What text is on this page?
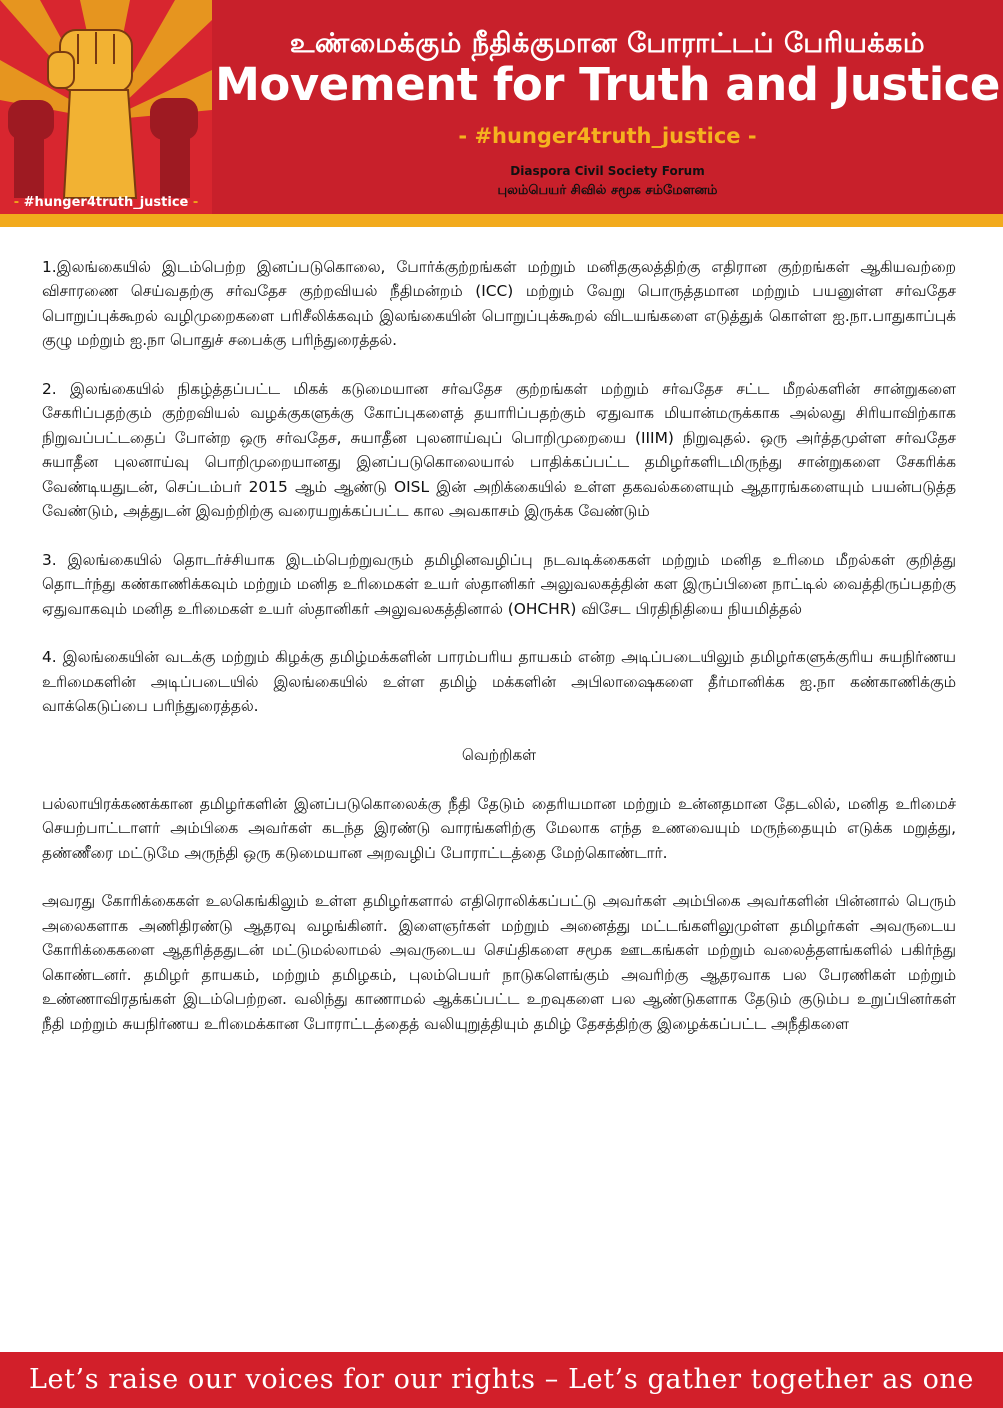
- #hunger4truth_justice -
உண்மைக்கும் நீதிக்குமான போராட்டப் பேரியக்கம்
Movement for Truth and Justice
- #hunger4truth_justice -
Diaspora Civil Society Forum
புலம்பெயர் சிவில் சமூக சம்மேளனம்

1.இலங்கையில் இடம்பெற்ற இனப்படுகொலை, போர்க்குற்றங்கள் மற்றும் மனிதகுலத்திற்கு எதிரான குற்றங்கள் ஆகியவற்றை விசாரணை செய்வதற்கு சர்வதேச குற்றவியல் நீதிமன்றம் (ICC) மற்றும் வேறு பொருத்தமான மற்றும் பயனுள்ள சர்வதேச பொறுப்புக்கூறல் வழிமுறைகளை பரிசீலிக்கவும் இலங்கையின் பொறுப்புக்கூறல் விடயங்களை எடுத்துக் கொள்ள ஐ.நா.பாதுகாப்புக் குழு மற்றும் ஐ.நா பொதுச் சபைக்கு பரிந்துரைத்தல்.

2. இலங்கையில் நிகழ்த்தப்பட்ட மிகக் கடுமையான சர்வதேச குற்றங்கள் மற்றும் சர்வதேச சட்ட மீறல்களின் சான்றுகளை சேகரிப்பதற்கும் குற்றவியல் வழக்குகளுக்கு கோப்புகளைத் தயாரிப்பதற்கும் ஏதுவாக மியான்மருக்காக அல்லது சிரியாவிற்காக நிறுவப்பட்டதைப் போன்ற ஒரு சர்வதேச, சுயாதீன புலனாய்வுப் பொறிமுறையை (IIIM) நிறுவுதல். ஒரு அர்த்தமுள்ள சர்வதேச சுயாதீன புலனாய்வு பொறிமுறையானது இனப்படுகொலையால் பாதிக்கப்பட்ட தமிழர்களிடமிருந்து சான்றுகளை சேகரிக்க வேண்டியதுடன், செப்டம்பர் 2015 ஆம் ஆண்டு OISL இன் அறிக்கையில் உள்ள தகவல்களையும் ஆதாரங்களையும் பயன்படுத்த வேண்டும், அத்துடன் இவற்றிற்கு வரையறுக்கப்பட்ட கால அவகாசம் இருக்க வேண்டும்

3. இலங்கையில் தொடர்ச்சியாக இடம்பெற்றுவரும் தமிழினவழிப்பு நடவடிக்கைகள் மற்றும் மனித உரிமை மீறல்கள் குறித்து தொடர்ந்து கண்காணிக்கவும் மற்றும் மனித உரிமைகள் உயர் ஸ்தானிகர் அலுவலகத்தின் கள இருப்பினை நாட்டில் வைத்திருப்பதற்கு ஏதுவாகவும் மனித உரிமைகள் உயர் ஸ்தானிகர் அலுவலகத்தினால் (OHCHR) விசேட பிரதிநிதியை நியமித்தல்

4. இலங்கையின் வடக்கு மற்றும் கிழக்கு தமிழ்மக்களின் பாரம்பரிய தாயகம் என்ற அடிப்படையிலும் தமிழர்களுக்குரிய சுயநிர்ணய உரிமைகளின் அடிப்படையில் இலங்கையில் உள்ள தமிழ் மக்களின் அபிலாஷைகளை தீர்மானிக்க ஐ.நா கண்காணிக்கும் வாக்கெடுப்பை பரிந்துரைத்தல்.

வெற்றிகள்

பல்லாயிரக்கணக்கான தமிழர்களின் இனப்படுகொலைக்கு நீதி தேடும் தைரியமான மற்றும் உன்னதமான தேடலில், மனித உரிமைச் செயற்பாட்டாளர் அம்பிகை அவர்கள் கடந்த இரண்டு வாரங்களிற்கு மேலாக எந்த உணவையும் மருந்தையும் எடுக்க மறுத்து, தண்ணீரை மட்டுமே அருந்தி ஒரு கடுமையான அறவழிப் போராட்டத்தை மேற்கொண்டார்.

அவரது கோரிக்கைகள் உலகெங்கிலும் உள்ள தமிழர்களால் எதிரொலிக்கப்பட்டு அவர்கள் அம்பிகை அவர்களின் பின்னால் பெரும் அலைகளாக அணிதிரண்டு ஆதரவு வழங்கினர். இளைஞர்கள் மற்றும் அனைத்து மட்டங்களிலுமுள்ள தமிழர்கள் அவருடைய கோரிக்கைகளை ஆதரித்ததுடன் மட்டுமல்லாமல் அவருடைய செய்திகளை சமூக ஊடகங்கள் மற்றும் வலைத்தளங்களில் பகிர்ந்து கொண்டனர். தமிழர் தாயகம், மற்றும் தமிழகம், புலம்பெயர் நாடுகளெங்கும் அவரிற்கு ஆதரவாக பல பேரணிகள் மற்றும் உண்ணாவிரதங்கள் இடம்பெற்றன. வலிந்து காணாமல் ஆக்கப்பட்ட உறவுகளை பல ஆண்டுகளாக தேடும் குடும்ப உறுப்பினர்கள் நீதி மற்றும் சுயநிர்ணய உரிமைக்கான போராட்டத்தைத் வலியுறுத்தியும் தமிழ் தேசத்திற்கு இழைக்கப்பட்ட அநீதிகளை

Let’s raise our voices for our rights – Let’s gather together as one
